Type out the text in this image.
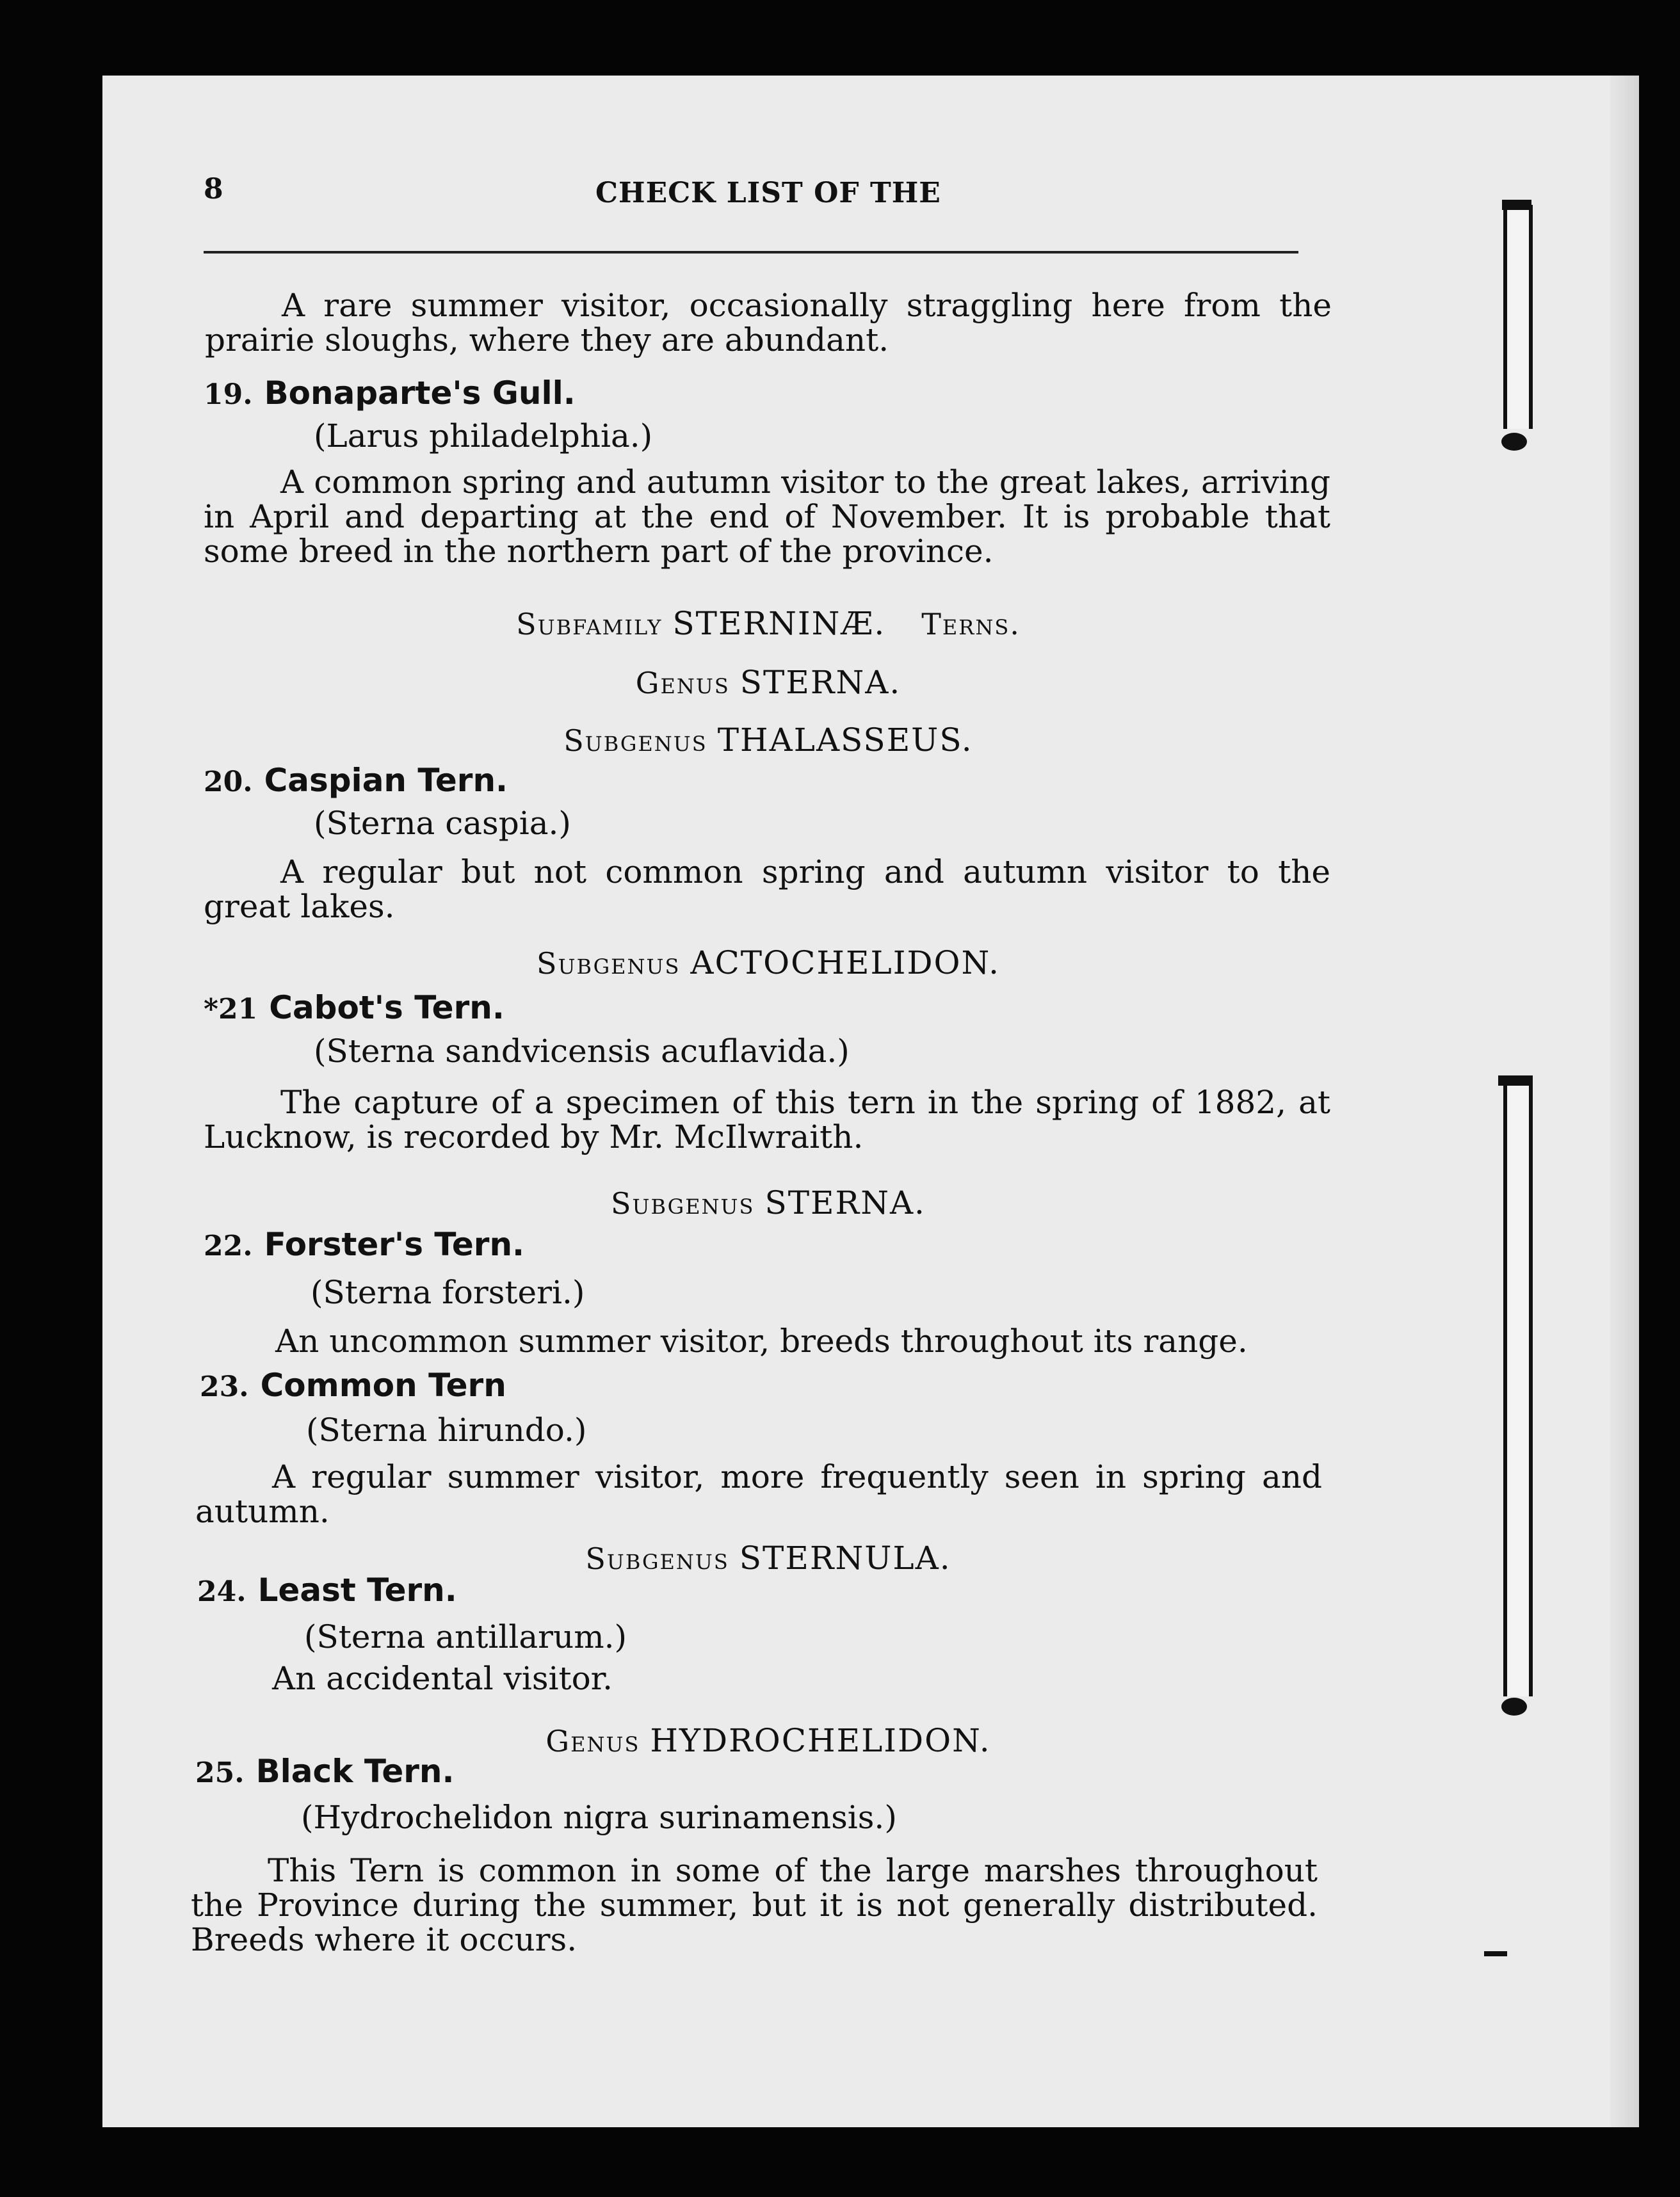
8	CHECK LIST OF THE
A rare summer visitor, occasionally straggling here from the prairie sloughs, where they are abundant.
19. Bonaparte's Gull.
(Larus philadelphia.)
A common spring and autumn visitor to the great lakes, arriving in April and departing at the end of November. It is probable that some breed in the northern part of the province.
Subfamily STERNINÆ. Terns.
Genus STERNA.
Subgenus THALASSEUS.
20. Caspian Tern.
(Sterna caspia.)
A regular but not common spring and autumn visitor to the great lakes.
Subgenus ACTOCHELIDON.
*21 Cabot's Tern.
(Sterna sandvicensis acuflavida.)
The capture of a specimen of this tern in the spring of 1882, at Lucknow, is recorded by Mr. McIlwraith.
Subgenus STERNA.
22. Forster's Tern.
(Sterna forsteri.)
An uncommon summer visitor, breeds throughout its range.
23. Common Tern
(Sterna hirundo.)
A regular summer visitor, more frequently seen in spring and autumn.
Subgenus STERNULA.
24. Least Tern.
(Sterna antillarum.)
An accidental visitor.
Genus HYDROCHELIDON.
25. Black Tern.
(Hydrochelidon nigra surinamensis.)
This Tern is common in some of the large marshes throughout the Province during the summer, but it is not generally distributed. Breeds where it occurs.
